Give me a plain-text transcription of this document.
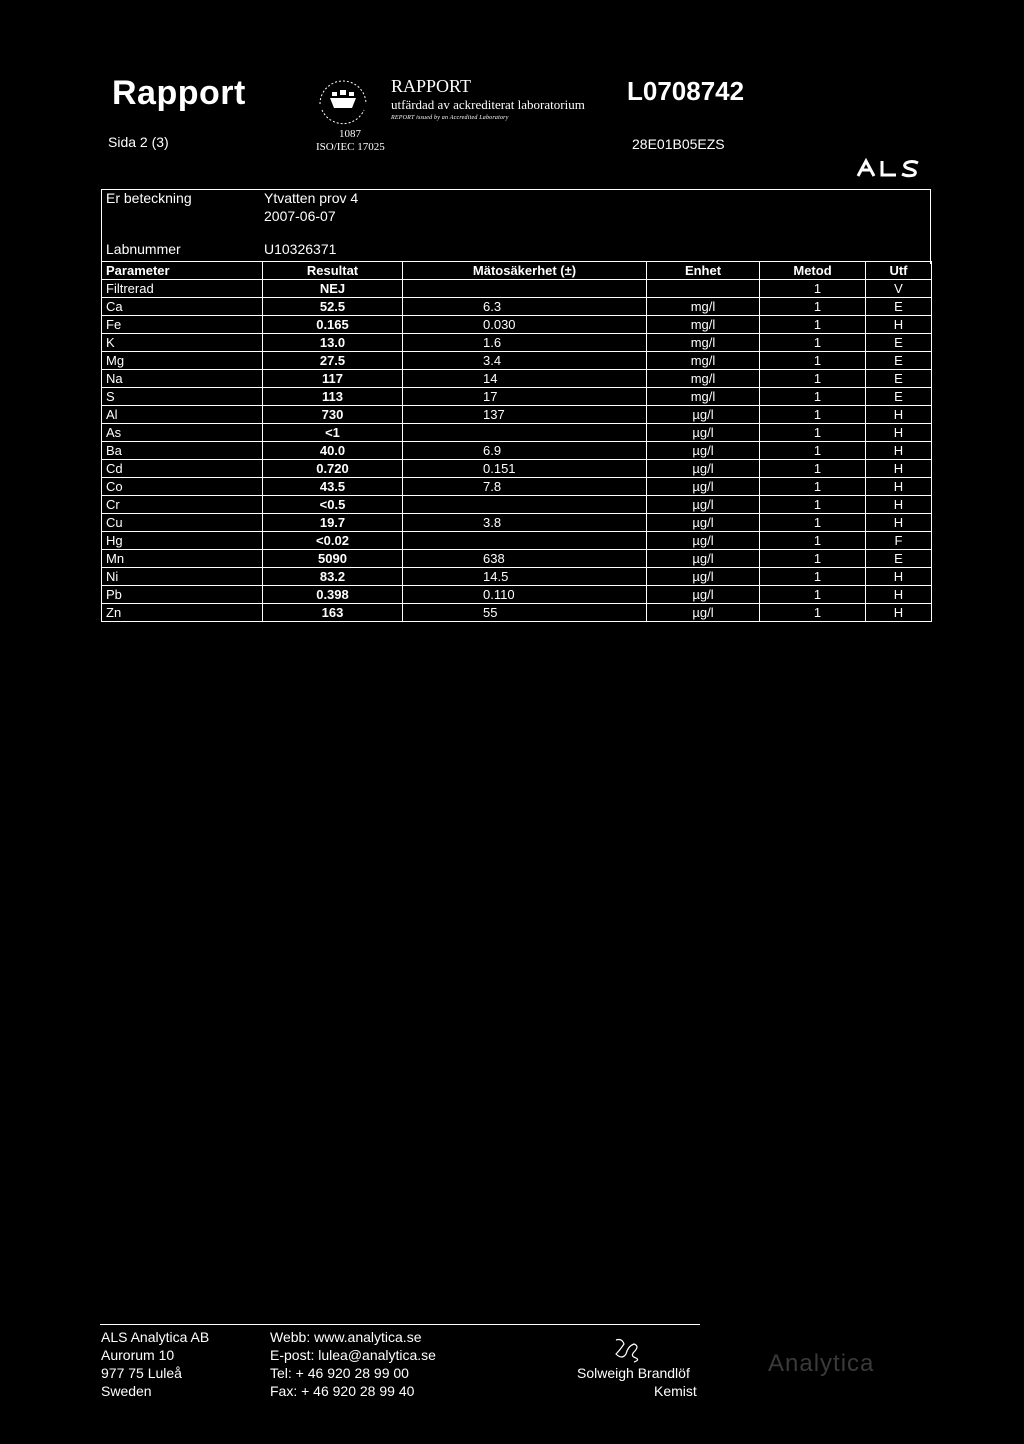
Rapport
Sida 2 (3)	1087
ISO/IEC 17025
RAPPORT
utfärdad av ackrediterat laboratorium
REPORT issued by an Accredited Laboratory
L0708742
28E01B05EZS
Er beteckning	Ytvatten prov 4
2007-06-07
Labnummer	U10326371
Parameter	Resultat	Mätosäkerhet (±)	Enhet	Metod	Utf
Filtrerad	NEJ			1	V
Ca	52.5	6.3	mg/l	1	E
Fe	0.165	0.030	mg/l	1	H
K	13.0	1.6	mg/l	1	E
Mg	27.5	3.4	mg/l	1	E
Na	117	14	mg/l	1	E
S	113	17	mg/l	1	E
Al	730	137	µg/l	1	H
As	<1		µg/l	1	H
Ba	40.0	6.9	µg/l	1	H
Cd	0.720	0.151	µg/l	1	H
Co	43.5	7.8	µg/l	1	H
Cr	<0.5		µg/l	1	H
Cu	19.7	3.8	µg/l	1	H
Hg	<0.02		µg/l	1	F
Mn	5090	638	µg/l	1	E
Ni	83.2	14.5	µg/l	1	H
Pb	0.398	0.110	µg/l	1	H
Zn	163	55	µg/l	1	H
ALS Analytica AB
Aurorum 10
977 75 Luleå
Sweden
Webb: www.analytica.se
E-post: lulea@analytica.se
Tel: + 46 920 28 99 00
Fax: + 46 920 28 99 40
Solweigh Brandlöf
Kemist
Analytica
